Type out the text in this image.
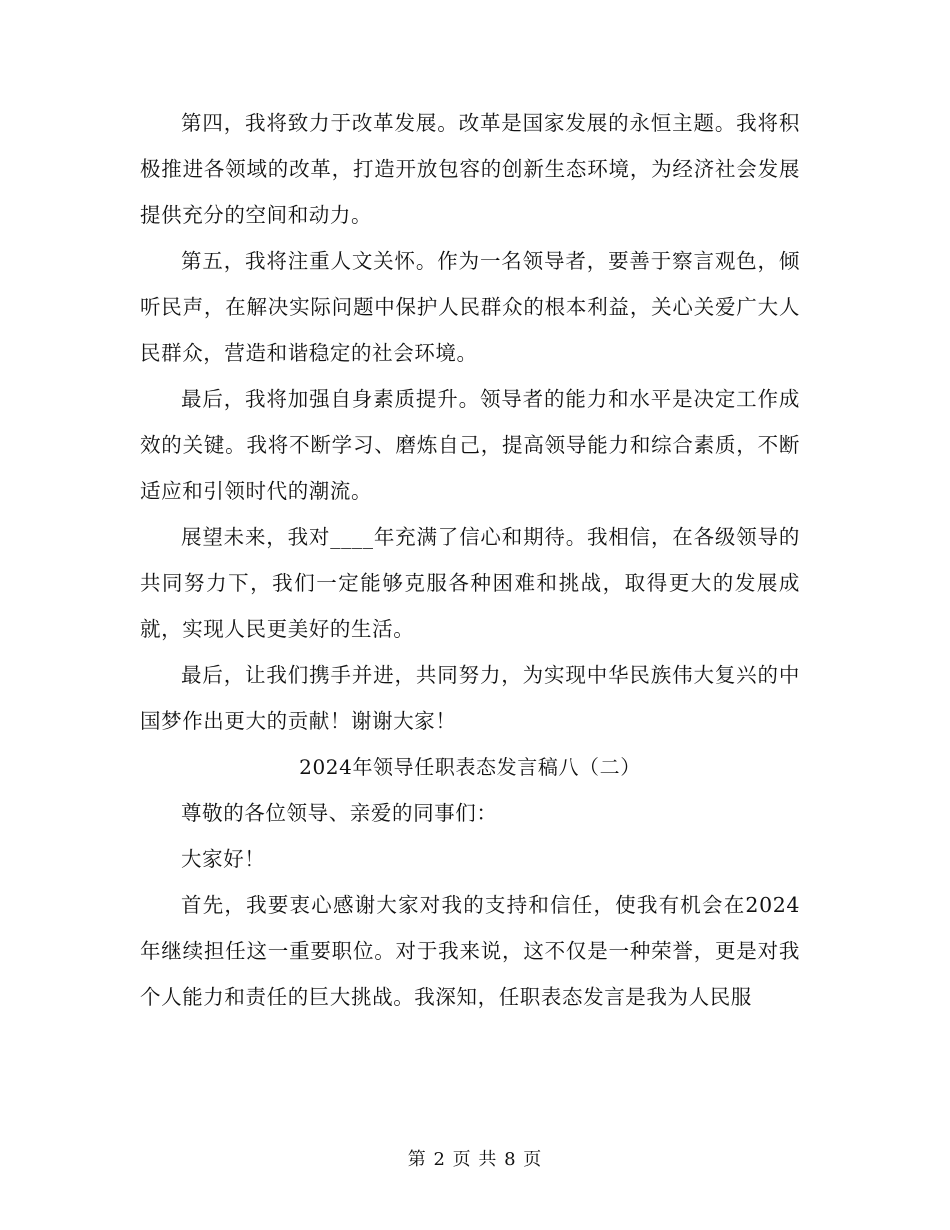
第四，我将致力于改革发展。改革是国家发展的永恒主题。我将积极推进各领域的改革，打造开放包容的创新生态环境，为经济社会发展提供充分的空间和动力。

第五，我将注重人文关怀。作为一名领导者，要善于察言观色，倾听民声，在解决实际问题中保护人民群众的根本利益，关心关爱广大人民群众，营造和谐稳定的社会环境。

最后，我将加强自身素质提升。领导者的能力和水平是决定工作成效的关键。我将不断学习、磨炼自己，提高领导能力和综合素质，不断适应和引领时代的潮流。

展望未来，我对____年充满了信心和期待。我相信，在各级领导的共同努力下，我们一定能够克服各种困难和挑战，取得更大的发展成就，实现人民更美好的生活。

最后，让我们携手并进，共同努力，为实现中华民族伟大复兴的中国梦作出更大的贡献！谢谢大家！

2024年领导任职表态发言稿八（二）

尊敬的各位领导、亲爱的同事们：

大家好！

首先，我要衷心感谢大家对我的支持和信任，使我有机会在2024年继续担任这一重要职位。对于我来说，这不仅是一种荣誉，更是对我个人能力和责任的巨大挑战。我深知，任职表态发言是我为人民服

第 2 页 共 8 页
